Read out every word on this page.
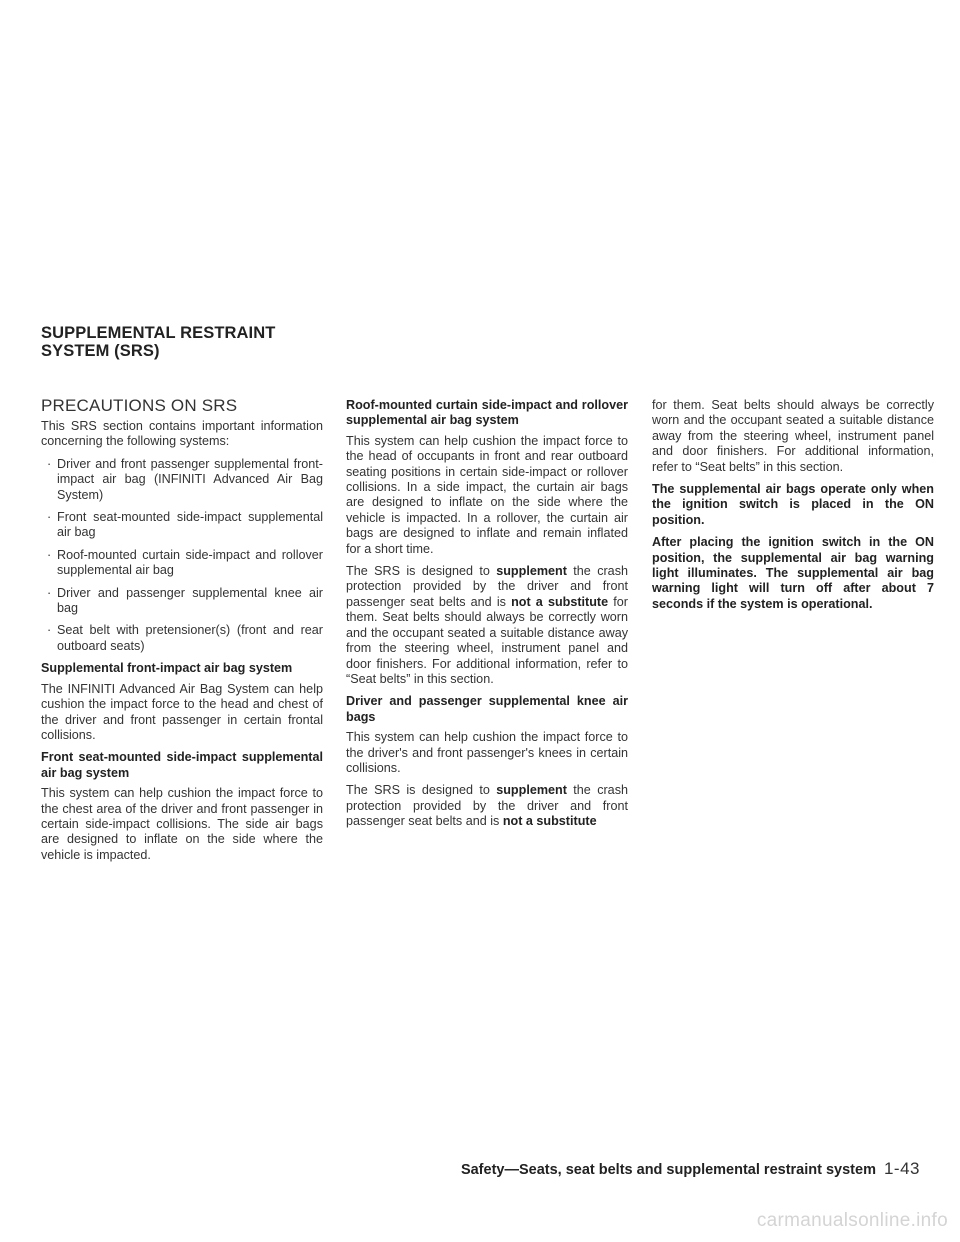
SUPPLEMENTAL RESTRAINT
SYSTEM (SRS)
PRECAUTIONS ON SRS

This SRS section contains important information concerning the following systems:

· Driver and front passenger supplemental front-impact air bag (INFINITI Advanced Air Bag System)
· Front seat-mounted side-impact supplemental air bag
· Roof-mounted curtain side-impact and rollover supplemental air bag
· Driver and passenger supplemental knee air bag
· Seat belt with pretensioner(s) (front and rear outboard seats)

Supplemental front-impact air bag system

The INFINITI Advanced Air Bag System can help cushion the impact force to the head and chest of the driver and front passenger in certain frontal collisions.

Front seat-mounted side-impact supplemental air bag system

This system can help cushion the impact force to the chest area of the driver and front passenger in certain side-impact collisions. The side air bags are designed to inflate on the side where the vehicle is impacted.

Roof-mounted curtain side-impact and rollover supplemental air bag system

This system can help cushion the impact force to the head of occupants in front and rear outboard seating positions in certain side-impact or rollover collisions. In a side impact, the curtain air bags are designed to inflate on the side where the vehicle is impacted. In a rollover, the curtain air bags are designed to inflate and remain inflated for a short time.

The SRS is designed to supplement the crash protection provided by the driver and front passenger seat belts and is not a substitute for them. Seat belts should always be correctly worn and the occupant seated a suitable distance away from the steering wheel, instrument panel and door finishers. For additional information, refer to “Seat belts” in this section.

Driver and passenger supplemental knee air bags

This system can help cushion the impact force to the driver's and front passenger's knees in certain collisions.

The SRS is designed to supplement the crash protection provided by the driver and front passenger seat belts and is not a substitute

for them. Seat belts should always be correctly worn and the occupant seated a suitable distance away from the steering wheel, instrument panel and door finishers. For additional information, refer to “Seat belts” in this section.

The supplemental air bags operate only when the ignition switch is placed in the ON position.

After placing the ignition switch in the ON position, the supplemental air bag warning light illuminates. The supplemental air bag warning light will turn off after about 7 seconds if the system is operational.

Safety—Seats, seat belts and supplemental restraint system 1-43
carmanualsonline.info
